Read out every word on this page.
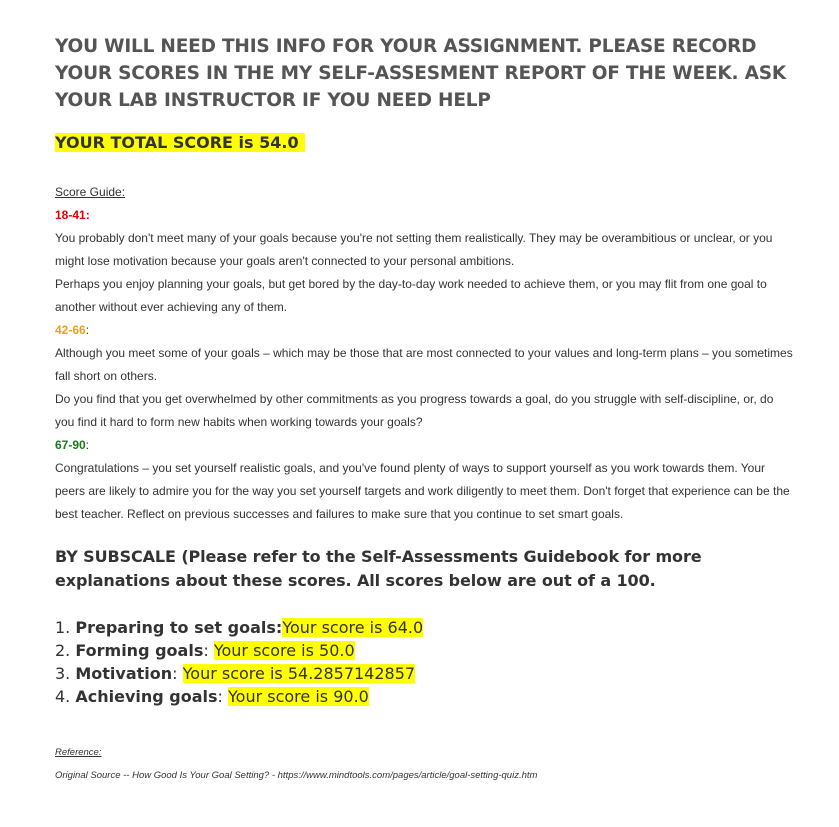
YOU WILL NEED THIS INFO FOR YOUR ASSIGNMENT. PLEASE RECORD YOUR SCORES IN THE MY SELF-ASSESMENT REPORT OF THE WEEK. ASK YOUR LAB INSTRUCTOR IF YOU NEED HELP
YOUR TOTAL SCORE is 54.0
Score Guide:
18-41:

You probably don't meet many of your goals because you're not setting them realistically. They may be overambitious or unclear, or you might lose motivation because your goals aren't connected to your personal ambitions.

Perhaps you enjoy planning your goals, but get bored by the day-to-day work needed to achieve them, or you may flit from one goal to another without ever achieving any of them.

42-66:

Although you meet some of your goals – which may be those that are most connected to your values and long-term plans – you sometimes fall short on others.

Do you find that you get overwhelmed by other commitments as you progress towards a goal, do you struggle with self-discipline, or, do you find it hard to form new habits when working towards your goals?

67-90:

Congratulations – you set yourself realistic goals, and you've found plenty of ways to support yourself as you work towards them. Your peers are likely to admire you for the way you set yourself targets and work diligently to meet them. Don't forget that experience can be the best teacher. Reflect on previous successes and failures to make sure that you continue to set smart goals.

BY SUBSCALE (Please refer to the Self-Assessments Guidebook for more explanations about these scores. All scores below are out of a 100.
1. Preparing to set goals:Your score is 64.0
2. Forming goals: Your score is 50.0
3. Motivation: Your score is 54.2857142857
4. Achieving goals: Your score is 90.0
Reference:
Original Source -- How Good Is Your Goal Setting? - https://www.mindtools.com/pages/article/goal-setting-quiz.htm
